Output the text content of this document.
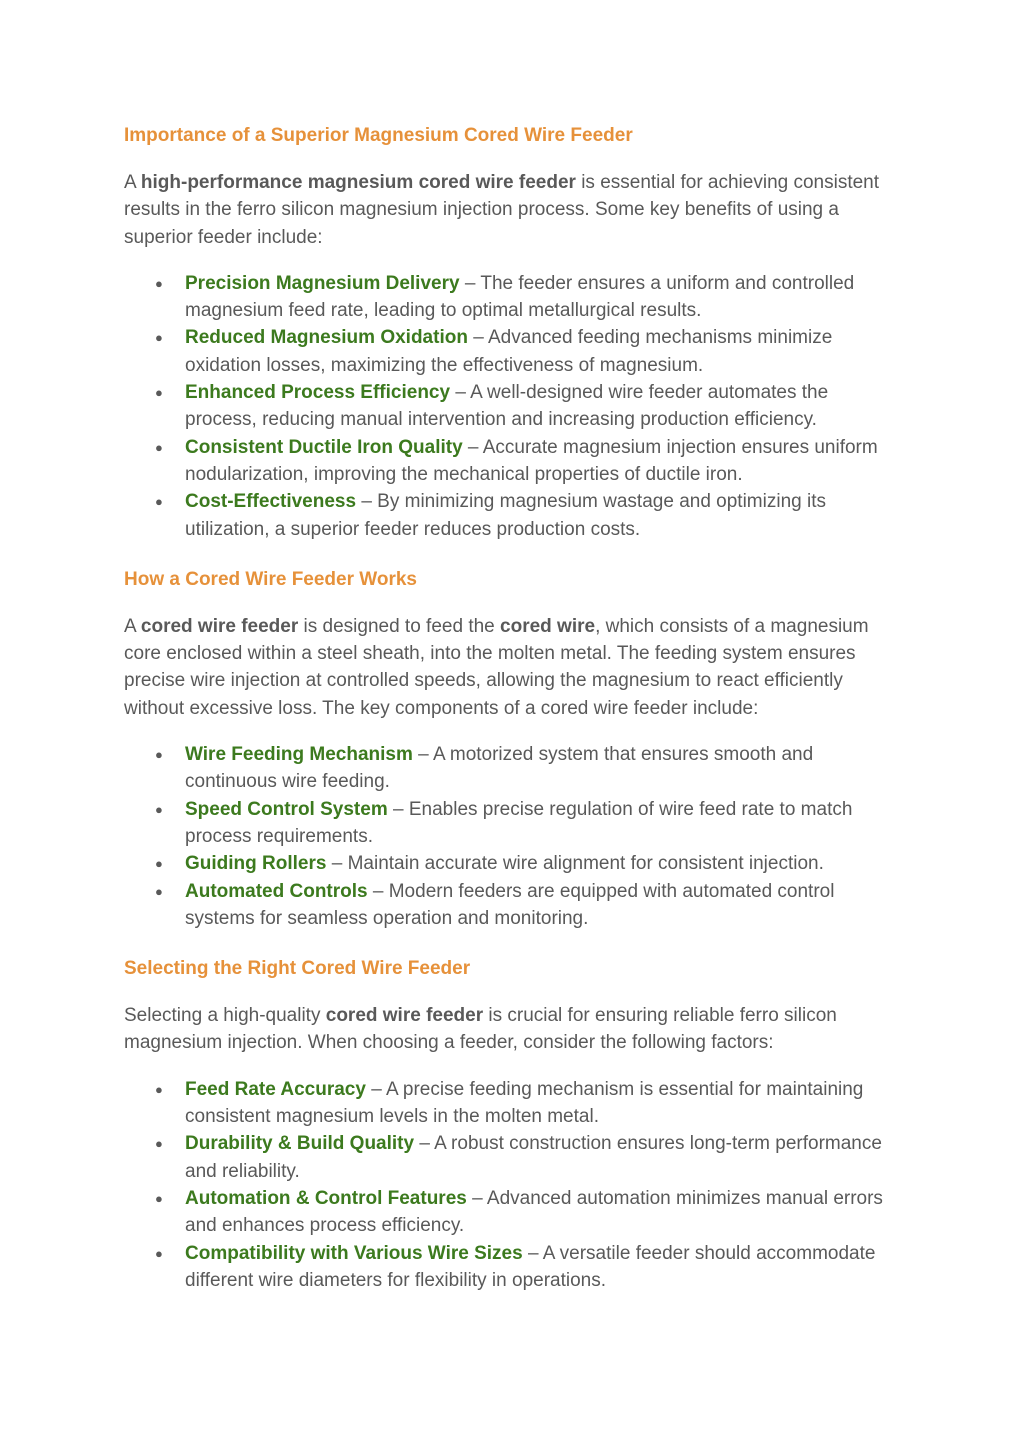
Importance of a Superior Magnesium Cored Wire Feeder

A high-performance magnesium cored wire feeder is essential for achieving consistent results in the ferro silicon magnesium injection process. Some key benefits of using a superior feeder include:

● Precision Magnesium Delivery – The feeder ensures a uniform and controlled magnesium feed rate, leading to optimal metallurgical results.
● Reduced Magnesium Oxidation – Advanced feeding mechanisms minimize oxidation losses, maximizing the effectiveness of magnesium.
● Enhanced Process Efficiency – A well-designed wire feeder automates the process, reducing manual intervention and increasing production efficiency.
● Consistent Ductile Iron Quality – Accurate magnesium injection ensures uniform nodularization, improving the mechanical properties of ductile iron.
● Cost-Effectiveness – By minimizing magnesium wastage and optimizing its utilization, a superior feeder reduces production costs.
How a Cored Wire Feeder Works

A cored wire feeder is designed to feed the cored wire, which consists of a magnesium core enclosed within a steel sheath, into the molten metal. The feeding system ensures precise wire injection at controlled speeds, allowing the magnesium to react efficiently without excessive loss. The key components of a cored wire feeder include:

● Wire Feeding Mechanism – A motorized system that ensures smooth and continuous wire feeding.
● Speed Control System – Enables precise regulation of wire feed rate to match process requirements.
● Guiding Rollers – Maintain accurate wire alignment for consistent injection.
● Automated Controls – Modern feeders are equipped with automated control systems for seamless operation and monitoring.
Selecting the Right Cored Wire Feeder

Selecting a high-quality cored wire feeder is crucial for ensuring reliable ferro silicon magnesium injection. When choosing a feeder, consider the following factors:

● Feed Rate Accuracy – A precise feeding mechanism is essential for maintaining consistent magnesium levels in the molten metal.
● Durability & Build Quality – A robust construction ensures long-term performance and reliability.
● Automation & Control Features – Advanced automation minimizes manual errors and enhances process efficiency.
● Compatibility with Various Wire Sizes – A versatile feeder should accommodate different wire diameters for flexibility in operations.
